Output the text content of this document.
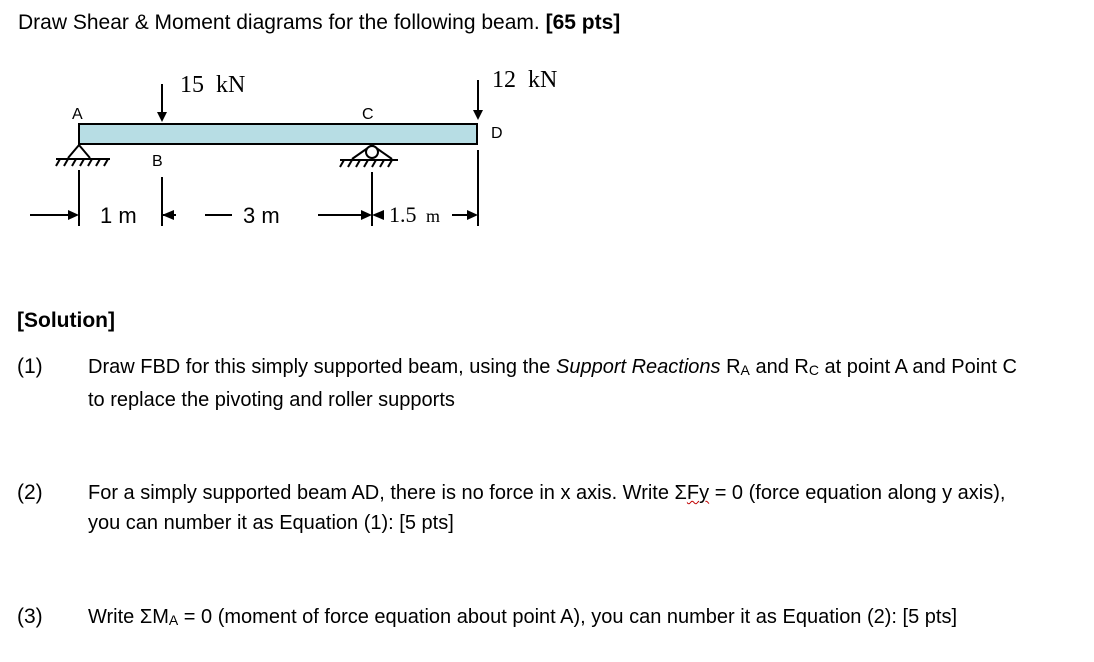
Draw Shear & Moment diagrams for the following beam. [65 pts]
15  kN	12  kN
A
B
C
D
1 m	3 m	1.5 m
[Solution]
(1) Draw FBD for this simply supported beam, using the Support Reactions $R_A$ and $R_C$ at point A and Point C
to replace the pivoting and roller supports
(2) For a simply supported beam AD, there is no force in x axis. Write ΣFy = 0 (force equation along y axis),
you can number it as Equation (1): [5 pts]
(3) Write $\Sigma M_A = 0$ (moment of force equation about point A), you can number it as Equation (2): [5 pts]
